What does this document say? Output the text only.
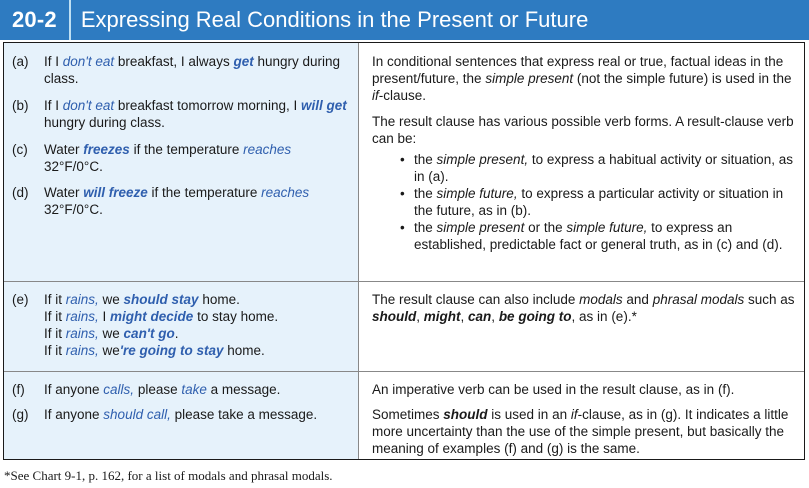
20-2	Expressing Real Conditions in the Present or Future
(a)	If I don't eat breakfast, I always get hungry during class.
(b)	If I don't eat breakfast tomorrow morning, I will get hungry during class.
(c)	Water freezes if the temperature reaches 32°F/0°C.
(d)	Water will freeze if the temperature reaches 32°F/0°C.
In conditional sentences that express real or true, factual ideas in the present/future, the simple present (not the simple future) is used in the if-clause.
The result clause has various possible verb forms. A result-clause verb can be:
• the simple present, to express a habitual activity or situation, as in (a).
• the simple future, to express a particular activity or situation in the future, as in (b).
• the simple present or the simple future, to express an established, predictable fact or general truth, as in (c) and (d).
(e)	If it rains, we should stay home.
If it rains, I might decide to stay home.
If it rains, we can't go.
If it rains, we're going to stay home.
The result clause can also include modals and phrasal modals such as should, might, can, be going to, as in (e).*
(f)	If anyone calls, please take a message.
(g)	If anyone should call, please take a message.
An imperative verb can be used in the result clause, as in (f).
Sometimes should is used in an if-clause, as in (g). It indicates a little more uncertainty than the use of the simple present, but basically the meaning of examples (f) and (g) is the same.
*See Chart 9-1, p. 162, for a list of modals and phrasal modals.
